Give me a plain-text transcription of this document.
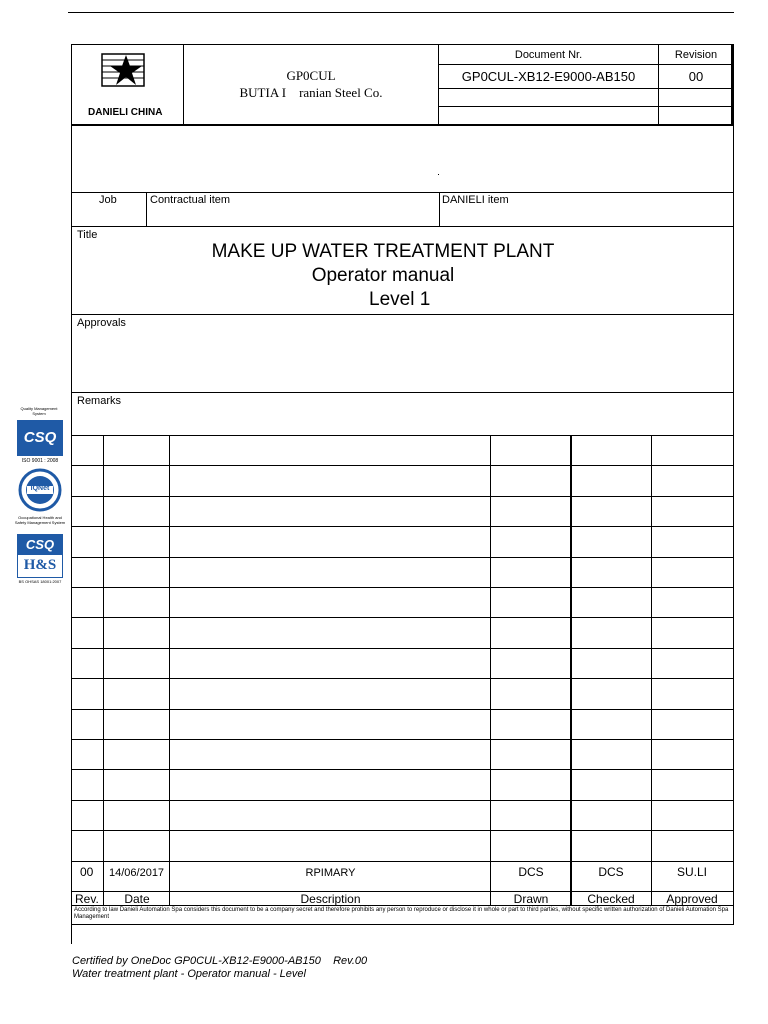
DANIELI CHINA
GP0CUL
BUTIA I    ranian Steel Co.
Document Nr.
GP0CUL-XB12-E9000-AB150
Revision
00
Job	Contractual item	DANIELI item
Title
MAKE UP WATER TREATMENT PLANT
Operator manual
Level 1
Approvals
Remarks
00 14/06/2017	RPIMARY	DCS	DCS	SU.LI
Rev.	Date	Description	Drawn	Checked	Approved
According to law Danieli Automation Spa considers this document to be a company secret and therefore prohibits any person to reproduce or disclose it in whole or part to third parties, without specific written authorization of Danieli Automation Spa Management
Quality Management System
CSQ
ISO 9001 : 2008
IQNet
Occupational Health and Safety Management System
CSQ
H&S
BS OHSAS 18001:2007
Certified by OneDoc GP0CUL-XB12-E9000-AB150    Rev.00
Water treatment plant - Operator manual - Level
